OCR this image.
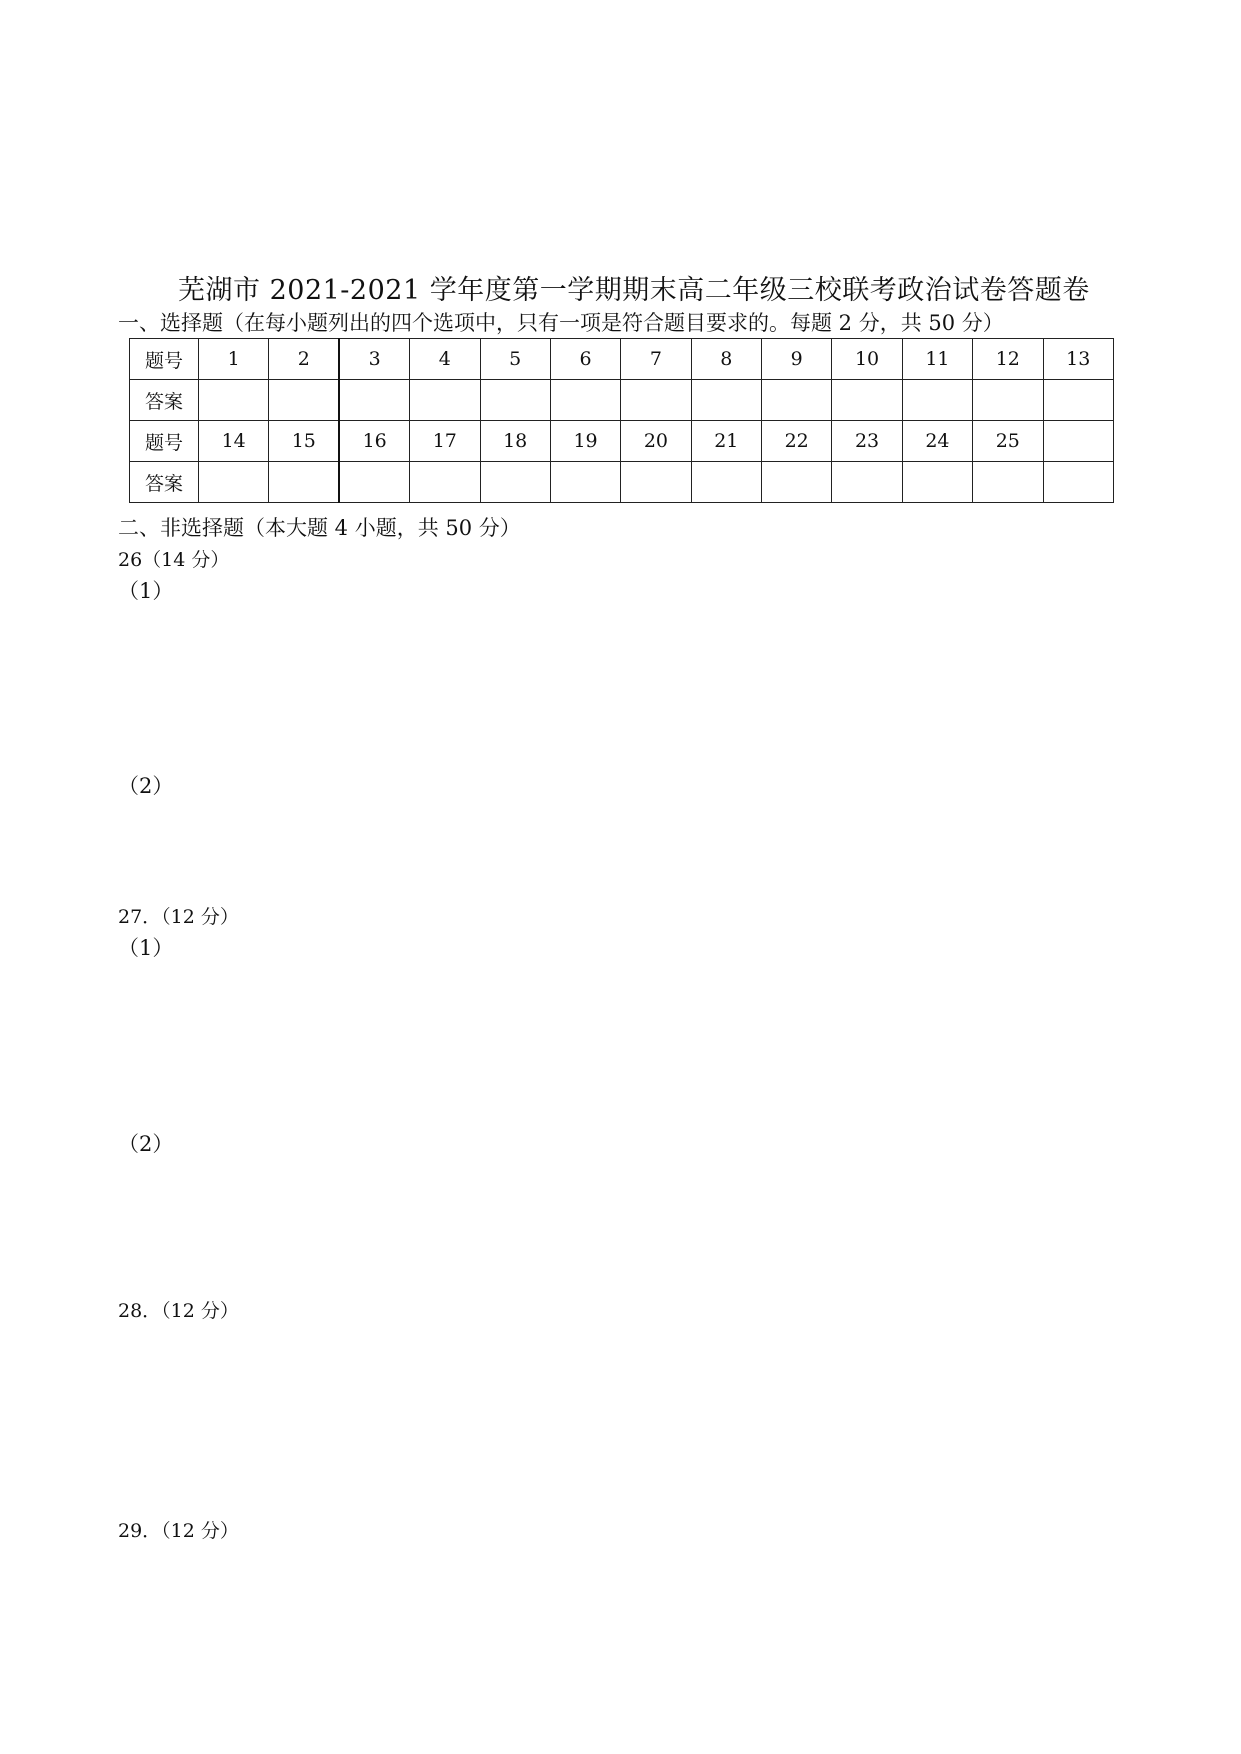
芜湖市 2021-2021 学年度第一学期期末高二年级三校联考政治试卷答题卷
一、选择题（在每小题列出的四个选项中，只有一项是符合题目要求的。每题 2 分，共 50 分）
题号	1	2	3	4	5	6	7	8	9	10	11	12	13
答案													
题号	14	15	16	17	18	19	20	21	22	23	24	25	
答案													
二、非选择题（本大题 4 小题，共 50 分）
26（14 分）
（1）
（2）
27．（12 分）
（1）
（2）
28．（12 分）
29．（12 分）
